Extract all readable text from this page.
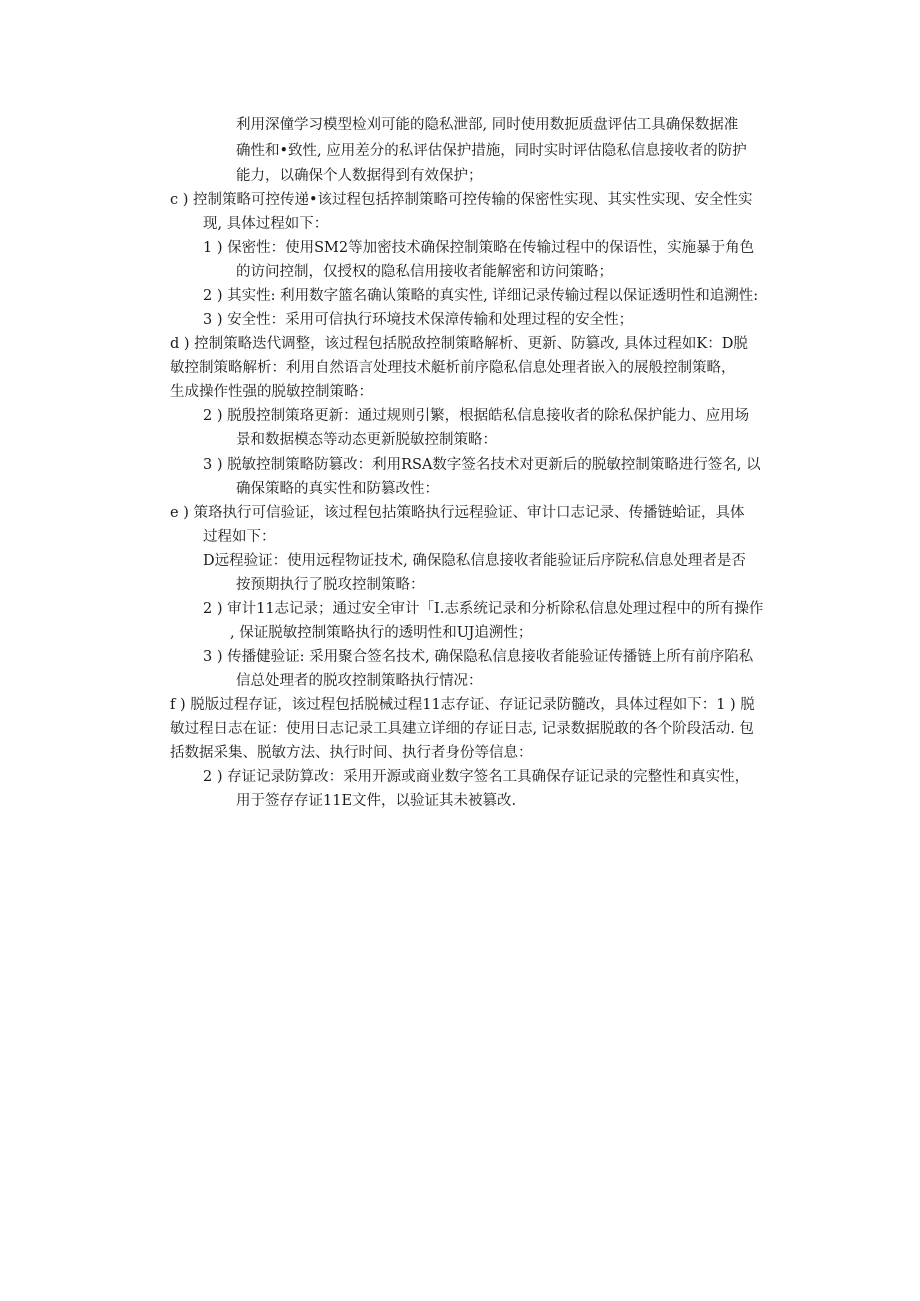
利用深僮学习模型检刈可能的隐私泄部, 同时使用数扼质盘评估工具确保数据准
确性和•致性, 应用差分的私评估保护措施，同时实时评估隐私信息接收者的防护
能力，以确保个人数据得到有效保护；
c ) 控制策略可控传递•该过程包括捽制策略可控传输的保密性实现、其实性实现、安全性实
现, 具体过程如下：
1 ) 保密性：使用SM2等加密技术确保控制策略在传输过程中的保语性，实施暴于角色
的访问控制，仅授权的隐私信用接收者能解密和访问策略；
2 ) 其实性: 利用数字篮名确认策略的真实性, 详细记录传输过程以保证透明性和追溯性:
3 ) 安全性：采用可信执行环境技术保漳传输和处理过程的安全性；
d ) 控制策略迭代调整，该过程包括脱敌控制策略解析、更新、防篡改, 具体过程如K：D脱
敏控制策略解析：利用自然语言处理技术艇析前序隐私信息处理者嵌入的展般控制策略，
生成操作性强的脱敏控制策略：
2 ) 脱殷控制策珞更新：通过规则引繁，根据皓私信息接收者的除私保护能力、应用场
景和数据模态等动态更新脱敏控制策略：
3 ) 脱敏控制策略防篡改：利用RSA数字签名技术对更新后的脱敏控制策略进行签名, 以
确保策略的真实性和防篡改性：
e ) 策珞执行可信验证，该过程包拈策略执行远程验证、审计口志记录、传播链蛤证，具体
过程如下：
D远程验证：使用远程物证技术, 确保隐私信息接收者能验证后序院私信息处理者是否
按预期执行了脱攻控制策略：
2 ) 审计11志记录；通过安全审计「I.志系统记录和分析除私信息处理过程中的所有操作
, 保证脱敏控制策略执行的透明性和UJ追溯性；
3 ) 传播健验证: 采用聚合签名技术, 确保隐私信息接收者能验证传播链上所有前序陷私
信总处理者的脱攻控制策略执行情况：
f ) 脱版过程存证，该过程包括脱械过程11志存证、存证记录防髓改，具体过程如下：1 ) 脱
敏过程日志在证：使用日志记录工具建立详细的存证日志, 记录数据脱敢的各个阶段活动. 包
括数据采集、脱敏方法、执行时间、执行者身份等信息：
2 ) 存证记录防算改：采用开源或商业数字签名工具确保存证记录的完整性和真实性，
用于签存存证11E文件，以验证其未被篡改.
